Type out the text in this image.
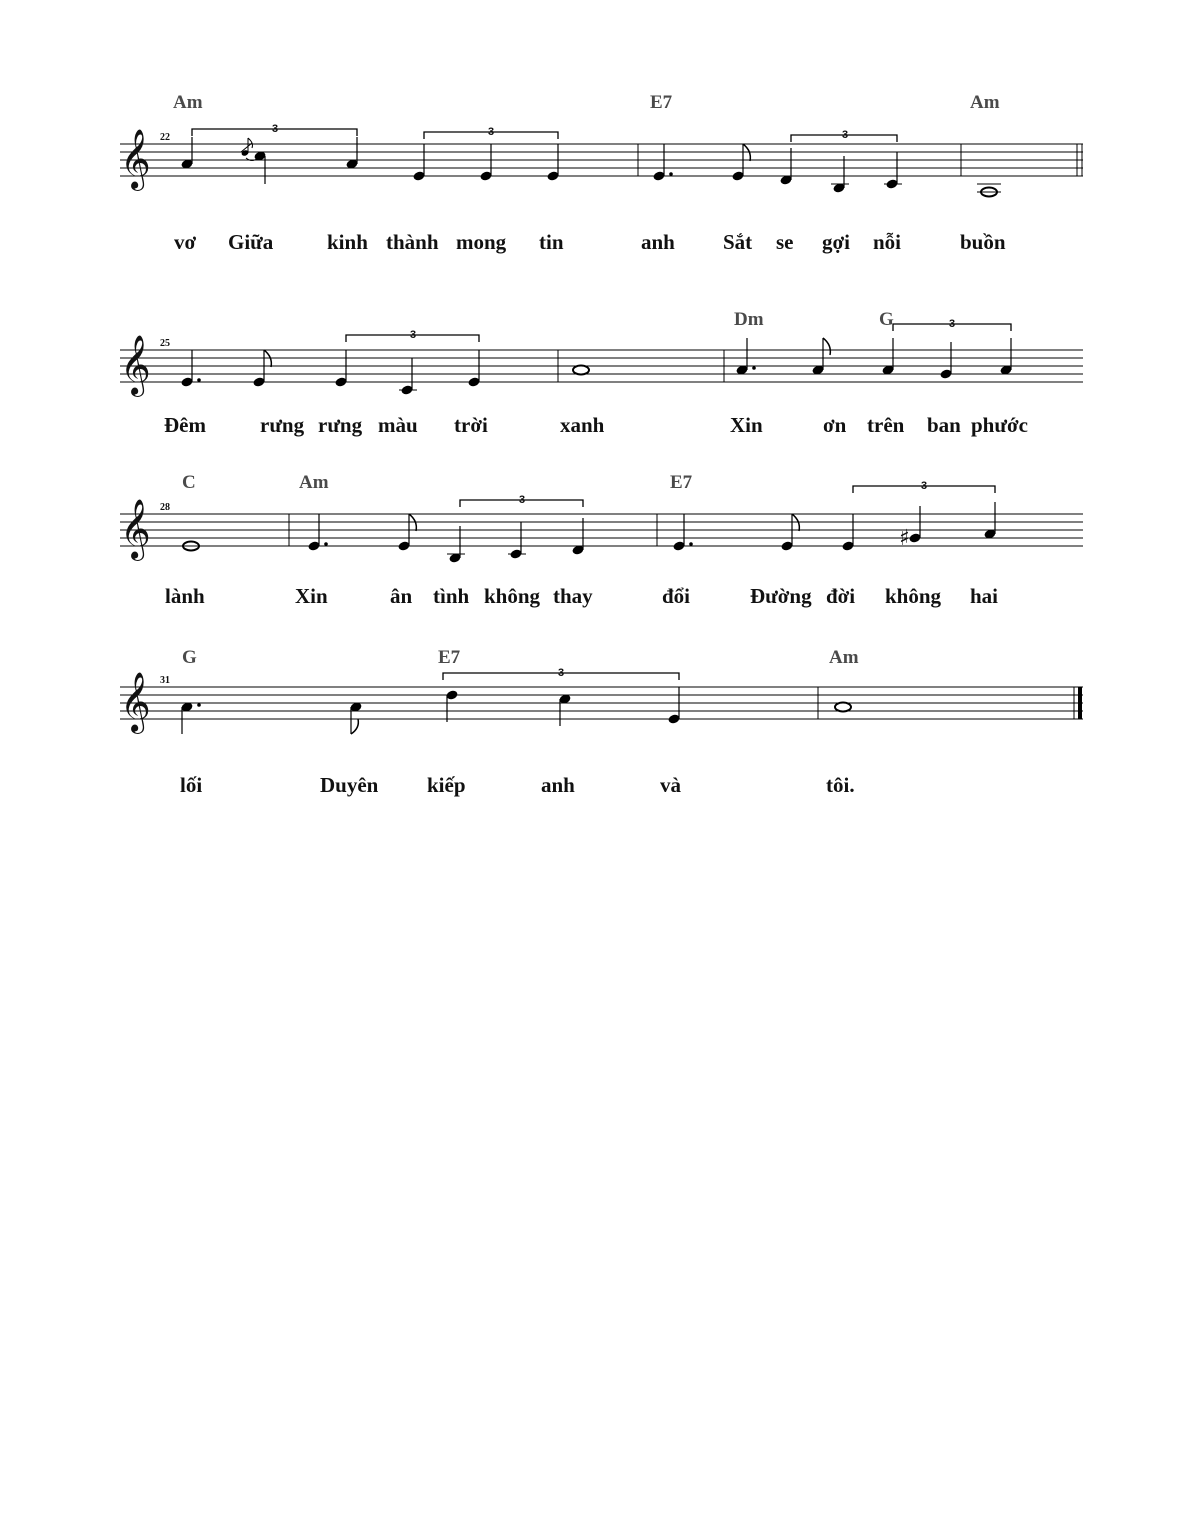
𝄞 22
Am	E7	Am
3	3	3
vơ Giữa	kinh thành mong tin	anh Sắt se gợi nỗi	buồn
𝄞 25
Dm	G
3
3
Đêm	rưng rưng màu trời	xanh	Xin	ơn trên ban phước
𝄞 28
C	Am	E7
3
3
♯
lành	Xin	ân tình không thay	đổi	Đường đời không hai
𝄞 31
G	E7	Am
3
lối	Duyên kiếp	anh	và	tôi.
